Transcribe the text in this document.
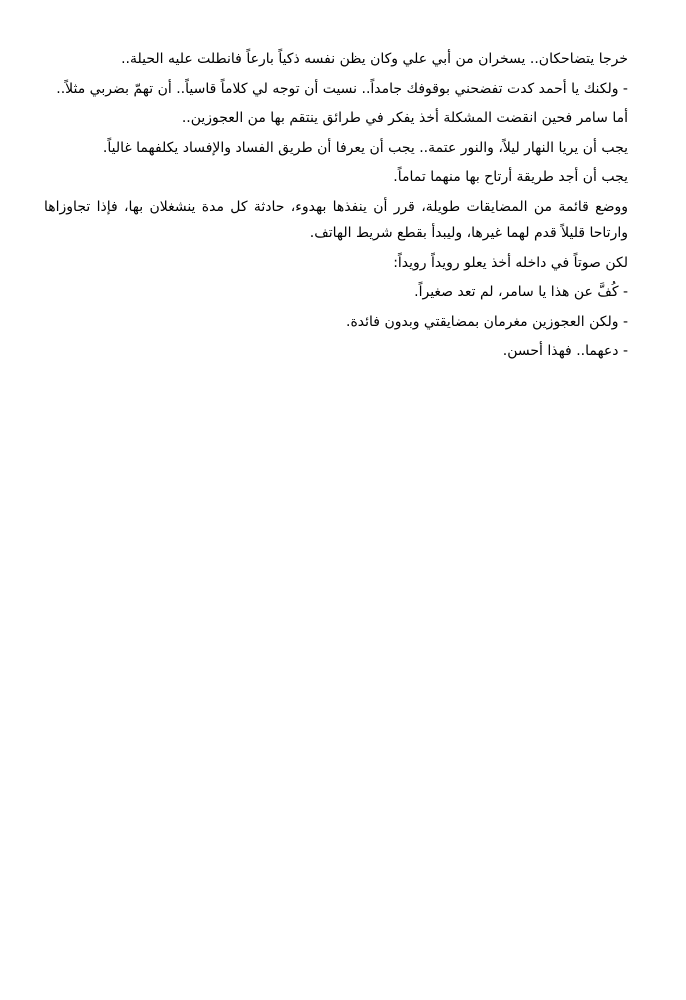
خرجا يتضاحكان.. يسخران من أبي علي وكان يظن نفسه ذكياً بارعاً فانطلت عليه الحيلة..

- ولكنك يا أحمد كدت تفضحني بوقوفك جامداً.. نسيت أن توجه لي كلاماً قاسياً.. أن تهمّ بضربي مثلاً..

أما سامر فحين انقضت المشكلة أخذ يفكر في طرائق ينتقم بها من العجوزين..

يجب أن يريا النهار ليلاً، والنور عتمة.. يجب أن يعرفا أن طريق الفساد والإفساد يكلفهما غالياً.

يجب أن أجد طريقة أرتاح بها منهما تماماً.

ووضع قائمة من المضايقات طويلة، قرر أن ينفذها بهدوء، حادثة كل مدة ينشغلان بها، فإذا تجاوزاها وارتاحا قليلاً قدم لهما غيرها، وليبدأ بقطع شريط الهاتف.

لكن صوتاً في داخله أخذ يعلو رويداً رويداً:

- كُفَّ عن هذا يا سامر، لم تعد صغيراً.

- ولكن العجوزين مغرمان بمضايقتي وبدون فائدة.

- دعهما.. فهذا أحسن.
